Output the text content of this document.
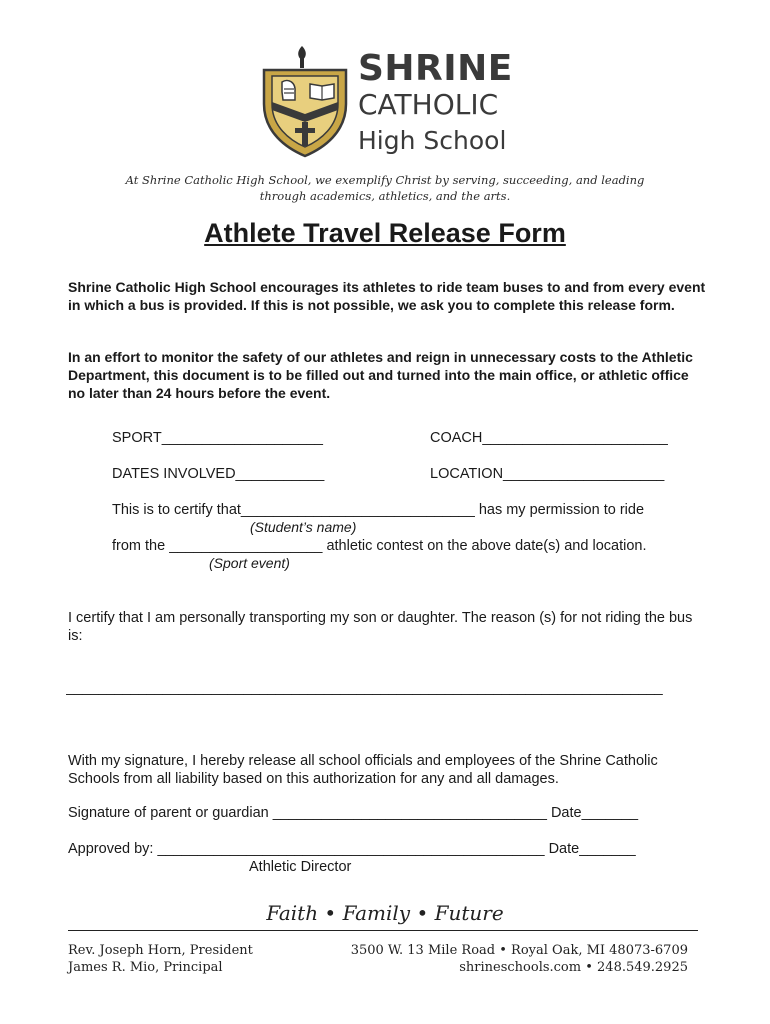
SHRINE
CATHOLIC
High School
At Shrine Catholic High School, we exemplify Christ by serving, succeeding, and leading
through academics, athletics, and the arts.
Athlete Travel Release Form
Shrine Catholic High School encourages its athletes to ride team buses to and from every event in which a bus is provided. If this is not possible, we ask you to complete this release form.
In an effort to monitor the safety of our athletes and reign in unnecessary costs to the Athletic Department, this document is to be filled out and turned into the main office, or athletic office no later than 24 hours before the event.
SPORT____________________	COACH_______________________
DATES INVOLVED___________	LOCATION____________________
This is to certify that_____________________________ has my permission to ride
(Student’s name)
from the ___________________ athletic contest on the above date(s) and location.
(Sport event)
I certify that I am personally transporting my son or daughter. The reason (s) for not riding the bus is:
__________________________________________________________________________
With my signature, I hereby release all school officials and employees of the Shrine Catholic Schools from all liability based on this authorization for any and all damages.
Signature of parent or guardian __________________________________ Date_______
Approved by: ________________________________________________ Date_______
Athletic Director
Faith • Family • Future
Rev. Joseph Horn, President
James R. Mio, Principal
3500 W. 13 Mile Road • Royal Oak, MI 48073-6709
shrineschools.com • 248.549.2925
